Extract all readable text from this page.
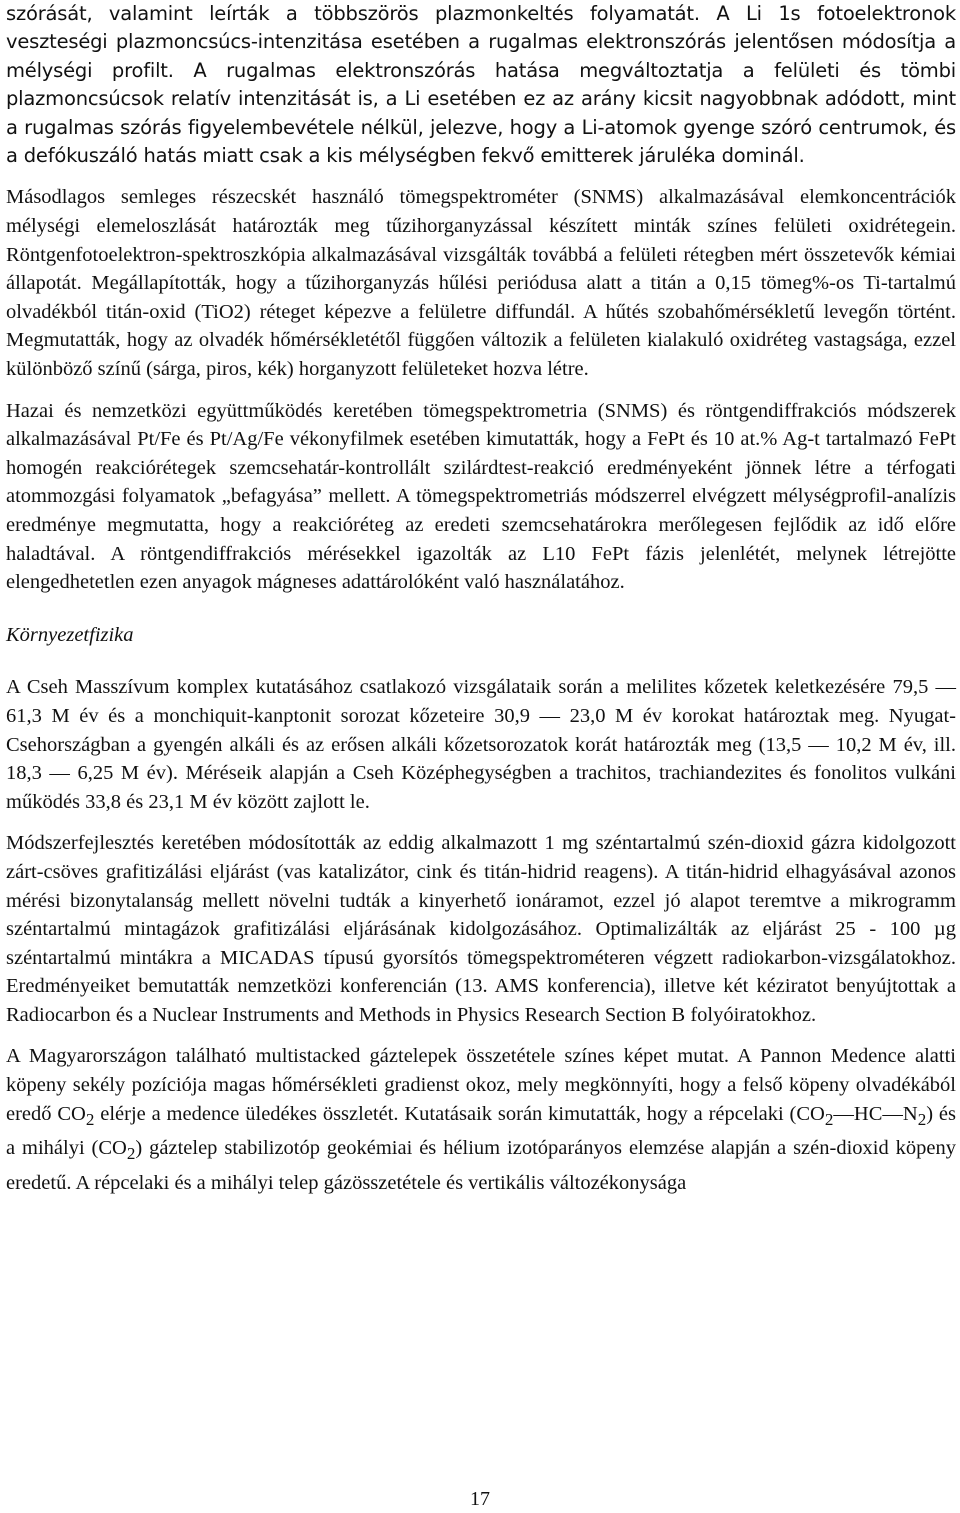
szórását, valamint leírták a többszörös plazmonkeltés folyamatát. A Li 1s fotoelektronok veszteségi plazmoncsúcs-intenzitása esetében a rugalmas elektronszórás jelentősen módosítja a mélységi profilt. A rugalmas elektronszórás hatása megváltoztatja a felületi és tömbi plazmoncsúcsok relatív intenzitását is, a Li esetében ez az arány kicsit nagyobbnak adódott, mint a rugalmas szórás figyelembevétele nélkül, jelezve, hogy a Li-atomok gyenge szóró centrumok, és a defókuszáló hatás miatt csak a kis mélységben fekvő emitterek járuléka dominál.

Másodlagos semleges részecskét használó tömegspektrométer (SNMS) alkalmazásával elemkoncentrációk mélységi elemeloszlását határozták meg tűzihorganyzással készített minták színes felületi oxidrétegein. Röntgenfotoelektron-spektroszkópia alkalmazásával vizsgálták továbbá a felületi rétegben mért összetevők kémiai állapotát. Megállapították, hogy a tűzihorganyzás hűlési periódusa alatt a titán a 0,15 tömeg%-os Ti-tartalmú olvadékból titán-oxid (TiO2) réteget képezve a felületre diffundál. A hűtés szobahőmérsékletű levegőn történt. Megmutatták, hogy az olvadék hőmérsékletétől függően változik a felületen kialakuló oxidréteg vastagsága, ezzel különböző színű (sárga, piros, kék) horganyzott felületeket hozva létre.

Hazai és nemzetközi együttműködés keretében tömegspektrometria (SNMS) és röntgendiffrakciós módszerek alkalmazásával Pt/Fe és Pt/Ag/Fe vékonyfilmek esetében kimutatták, hogy a FePt és 10 at.% Ag-t tartalmazó FePt homogén reakciórétegek szemcsehatár-kontrollált szilárdtest-reakció eredményeként jönnek létre a térfogati atommozgási folyamatok „befagyása” mellett. A tömegspektrometriás módszerrel elvégzett mélységprofil-analízis eredménye megmutatta, hogy a reakcióréteg az eredeti szemcsehatárokra merőlegesen fejlődik az idő előre haladtával. A röntgendiffrakciós mérésekkel igazolták az L10 FePt fázis jelenlétét, melynek létrejötte elengedhetetlen ezen anyagok mágneses adattárolóként való használatához.

Környezetfizika

A Cseh Masszívum komplex kutatásához csatlakozó vizsgálataik során a melilites kőzetek keletkezésére 79,5 — 61,3 M év és a monchiquit-kanptonit sorozat kőzeteire 30,9 — 23,0 M év korokat határoztak meg. Nyugat-Csehországban a gyengén alkáli és az erősen alkáli kőzetsorozatok korát határozták meg (13,5 — 10,2 M év, ill. 18,3 — 6,25 M év). Méréseik alapján a Cseh Középhegységben a trachitos, trachiandezites és fonolitos vulkáni működés 33,8 és 23,1 M év között zajlott le.

Módszerfejlesztés keretében módosították az eddig alkalmazott 1 mg széntartalmú szén-dioxid gázra kidolgozott zárt-csöves grafitizálási eljárást (vas katalizátor, cink és titán-hidrid reagens). A titán-hidrid elhagyásával azonos mérési bizonytalanság mellett növelni tudták a kinyerhető ionáramot, ezzel jó alapot teremtve a mikrogramm széntartalmú mintagázok grafitizálási eljárásának kidolgozásához. Optimalizálták az eljárást 25 - 100 µg széntartalmú mintákra a MICADAS típusú gyorsítós tömegspektrométeren végzett radiokarbon-vizsgálatokhoz. Eredményeiket bemutatták nemzetközi konferencián (13. AMS konferencia), illetve két kéziratot benyújtottak a Radiocarbon és a Nuclear Instruments and Methods in Physics Research Section B folyóiratokhoz.

A Magyarországon található multistacked gáztelepek összetétele színes képet mutat. A Pannon Medence alatti köpeny sekély pozíciója magas hőmérsékleti gradienst okoz, mely megkönnyíti, hogy a felső köpeny olvadékából eredő $CO_2$ elérje a medence üledékes összletét. Kutatásaik során kimutatták, hogy a répcelaki $(CO_2—HC—N_2)$ és a mihályi $(CO_2)$ gáztelep stabilizotóp geokémiai és hélium izotóparányos elemzése alapján a szén-dioxid köpeny eredetű. A répcelaki és a mihályi telep gázösszetétele és vertikális változékonysága

17
